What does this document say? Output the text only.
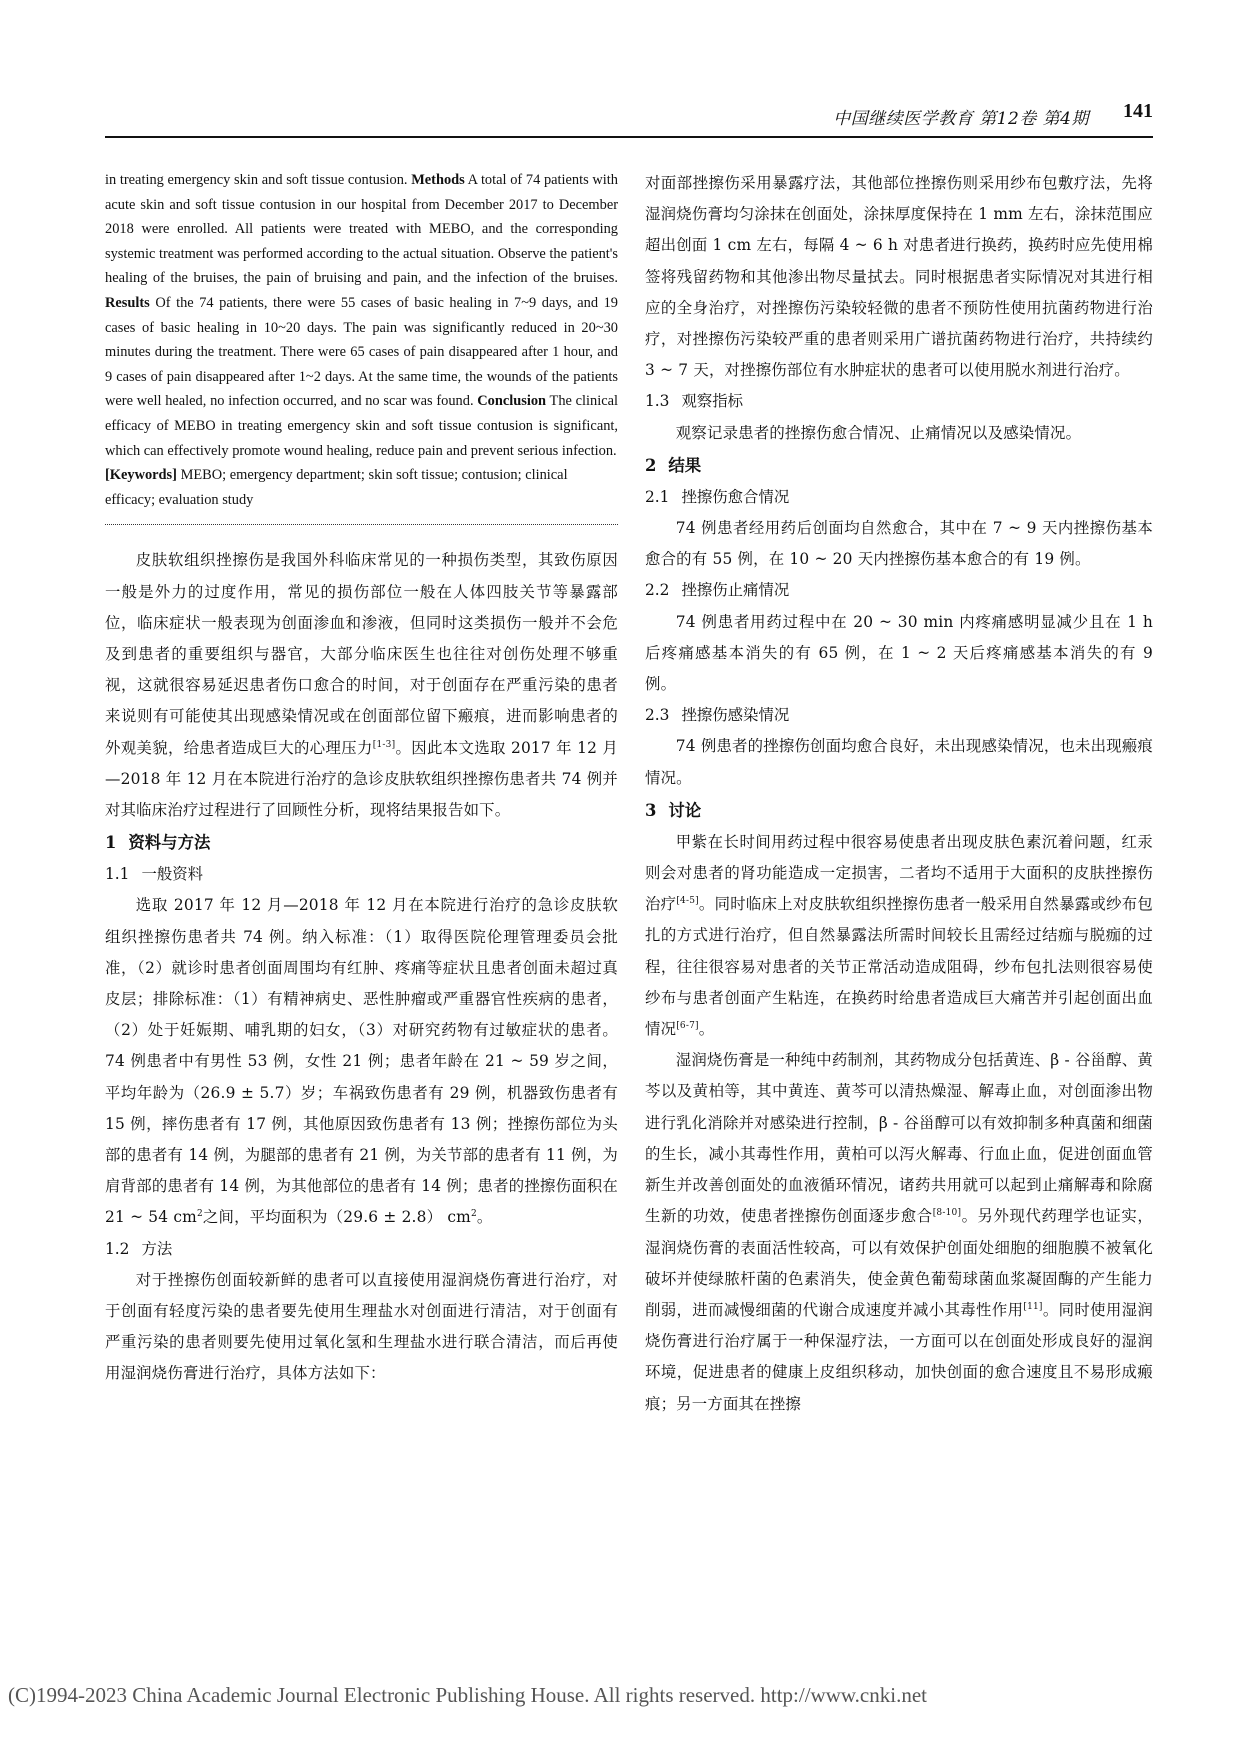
中国继续医学教育 第12卷 第4期 141

in treating emergency skin and soft tissue contusion. Methods A total of 74 patients with acute skin and soft tissue contusion in our hospital from December 2017 to December 2018 were enrolled. All patients were treated with MEBO, and the corresponding systemic treatment was performed according to the actual situation. Observe the patient's healing of the bruises, the pain of bruising and pain, and the infection of the bruises. Results Of the 74 patients, there were 55 cases of basic healing in 7~9 days, and 19 cases of basic healing in 10~20 days. The pain was significantly reduced in 20~30 minutes during the treatment. There were 65 cases of pain disappeared after 1 hour, and 9 cases of pain disappeared after 1~2 days. At the same time, the wounds of the patients were well healed, no infection occurred, and no scar was found. Conclusion The clinical efficacy of MEBO in treating emergency skin and soft tissue contusion is significant, which can effectively promote wound healing, reduce pain and prevent serious infection.

[Keywords] MEBO; emergency department; skin soft tissue; contusion; clinical efficacy; evaluation study

皮肤软组织挫擦伤是我国外科临床常见的一种损伤类型，其致伤原因一般是外力的过度作用，常见的损伤部位一般在人体四肢关节等暴露部位，临床症状一般表现为创面渗血和渗液，但同时这类损伤一般并不会危及到患者的重要组织与器官，大部分临床医生也往往对创伤处理不够重视，这就很容易延迟患者伤口愈合的时间，对于创面存在严重污染的患者来说则有可能使其出现感染情况或在创面部位留下瘢痕，进而影响患者的外观美貌，给患者造成巨大的心理压力[1-3]。因此本文选取 2017 年 12 月—2018 年 12 月在本院进行治疗的急诊皮肤软组织挫擦伤患者共 74 例并对其临床治疗过程进行了回顾性分析，现将结果报告如下。

1 资料与方法

1.1 一般资料

选取 2017 年 12 月—2018 年 12 月在本院进行治疗的急诊皮肤软组织挫擦伤患者共 74 例。纳入标准：（1）取得医院伦理管理委员会批准，（2）就诊时患者创面周围均有红肿、疼痛等症状且患者创面未超过真皮层；排除标准：（1）有精神病史、恶性肿瘤或严重器官性疾病的患者，（2）处于妊娠期、哺乳期的妇女，（3）对研究药物有过敏症状的患者。74 例患者中有男性 53 例，女性 21 例；患者年龄在 21 ~ 59 岁之间，平均年龄为（26.9 ± 5.7）岁；车祸致伤患者有 29 例，机器致伤患者有 15 例，摔伤患者有 17 例，其他原因致伤患者有 13 例；挫擦伤部位为头部的患者有 14 例，为腿部的患者有 21 例，为关节部的患者有 11 例，为肩背部的患者有 14 例，为其他部位的患者有 14 例；患者的挫擦伤面积在 21 ~ 54 $cm^2$之间，平均面积为（29.6 ± 2.8） $cm^2$。

1.2 方法

对于挫擦伤创面较新鲜的患者可以直接使用湿润烧伤膏进行治疗，对于创面有轻度污染的患者要先使用生理盐水对创面进行清洁，对于创面有严重污染的患者则要先使用过氧化氢和生理盐水进行联合清洁，而后再使用湿润烧伤膏进行治疗，具体方法如下：

对面部挫擦伤采用暴露疗法，其他部位挫擦伤则采用纱布包敷疗法，先将湿润烧伤膏均匀涂抹在创面处，涂抹厚度保持在 1 mm 左右，涂抹范围应超出创面 1 cm 左右，每隔 4 ~ 6 h 对患者进行换药，换药时应先使用棉签将残留药物和其他渗出物尽量拭去。同时根据患者实际情况对其进行相应的全身治疗，对挫擦伤污染较轻微的患者不预防性使用抗菌药物进行治疗，对挫擦伤污染较严重的患者则采用广谱抗菌药物进行治疗，共持续约 3 ~ 7 天，对挫擦伤部位有水肿症状的患者可以使用脱水剂进行治疗。

1.3 观察指标

观察记录患者的挫擦伤愈合情况、止痛情况以及感染情况。

2 结果

2.1 挫擦伤愈合情况

74 例患者经用药后创面均自然愈合，其中在 7 ~ 9 天内挫擦伤基本愈合的有 55 例，在 10 ~ 20 天内挫擦伤基本愈合的有 19 例。

2.2 挫擦伤止痛情况

74 例患者用药过程中在 20 ~ 30 min 内疼痛感明显减少且在 1 h 后疼痛感基本消失的有 65 例，在 1 ~ 2 天后疼痛感基本消失的有 9 例。

2.3 挫擦伤感染情况

74 例患者的挫擦伤创面均愈合良好，未出现感染情况，也未出现瘢痕情况。

3 讨论

甲紫在长时间用药过程中很容易使患者出现皮肤色素沉着问题，红汞则会对患者的肾功能造成一定损害，二者均不适用于大面积的皮肤挫擦伤治疗[4-5]。同时临床上对皮肤软组织挫擦伤患者一般采用自然暴露或纱布包扎的方式进行治疗，但自然暴露法所需时间较长且需经过结痂与脱痂的过程，往往很容易对患者的关节正常活动造成阻碍，纱布包扎法则很容易使纱布与患者创面产生粘连，在换药时给患者造成巨大痛苦并引起创面出血情况[6-7]。

湿润烧伤膏是一种纯中药制剂，其药物成分包括黄连、β - 谷甾醇、黄芩以及黄柏等，其中黄连、黄芩可以清热燥湿、解毒止血，对创面渗出物进行乳化消除并对感染进行控制，β - 谷甾醇可以有效抑制多种真菌和细菌的生长，减小其毒性作用，黄柏可以泻火解毒、行血止血，促进创面血管新生并改善创面处的血液循环情况，诸药共用就可以起到止痛解毒和除腐生新的功效，使患者挫擦伤创面逐步愈合[8-10]。另外现代药理学也证实，湿润烧伤膏的表面活性较高，可以有效保护创面处细胞的细胞膜不被氧化破坏并使绿脓杆菌的色素消失，使金黄色葡萄球菌血浆凝固酶的产生能力削弱，进而减慢细菌的代谢合成速度并减小其毒性作用[11]。同时使用湿润烧伤膏进行治疗属于一种保湿疗法，一方面可以在创面处形成良好的湿润环境，促进患者的健康上皮组织移动，加快创面的愈合速度且不易形成瘢痕；另一方面其在挫擦

(C)1994-2023 China Academic Journal Electronic Publishing House. All rights reserved. http://www.cnki.net
